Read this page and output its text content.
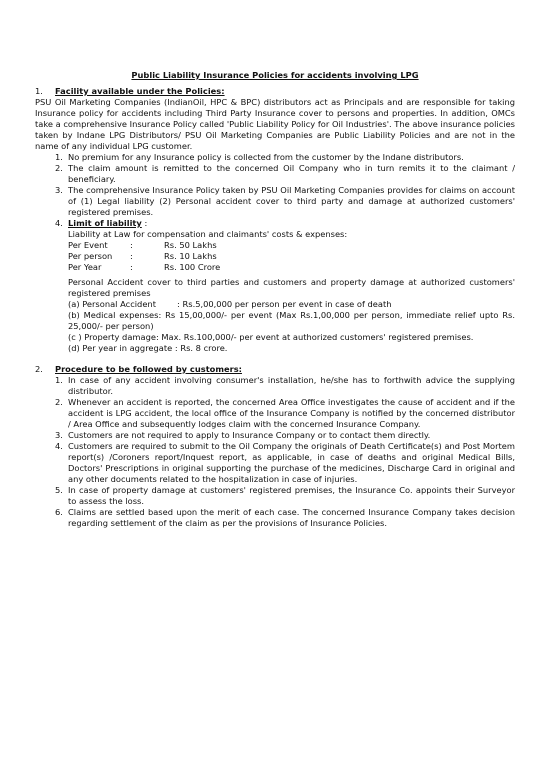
Public Liability Insurance Policies for accidents involving LPG
1. Facility available under the Policies:

PSU Oil Marketing Companies (IndianOil, HPC & BPC) distributors act as Principals and are responsible for taking Insurance policy for accidents including Third Party Insurance cover to persons and properties. In addition, OMCs take a comprehensive Insurance Policy called 'Public Liability Policy for Oil Industries'. The above insurance policies taken by Indane LPG Distributors/ PSU Oil Marketing Companies are Public Liability Policies and are not in the name of any individual LPG customer.

1. No premium for any Insurance policy is collected from the customer by the Indane distributors.
2. The claim amount is remitted to the concerned Oil Company who in turn remits it to the claimant / beneficiary.
3. The comprehensive Insurance Policy taken by PSU Oil Marketing Companies provides for claims on account of (1) Legal liability (2) Personal accident cover to third party and damage at authorized customers' registered premises.
4. Limit of liability :
Liability at Law for compensation and claimants' costs & expenses:
Per Event	:	Rs. 50 Lakhs
Per person	:	Rs. 10 Lakhs
Per Year	:	Rs. 100 Crore
Personal Accident cover to third parties and customers and property damage at authorized customers' registered premises
(a) Personal Accident        : Rs.5,00,000 per person per event in case of death
(b) Medical expenses: Rs 15,00,000/- per event (Max Rs.1,00,000 per person, immediate relief upto Rs. 25,000/- per person)
(c ) Property damage: Max. Rs.100,000/- per event at authorized customers' registered premises.
(d) Per year in aggregate : Rs. 8 crore.
2. Procedure to be followed by customers:
1. In case of any accident involving consumer's installation, he/she has to forthwith advice the supplying distributor.
2. Whenever an accident is reported, the concerned Area Office investigates the cause of accident and if the accident is LPG accident, the local office of the Insurance Company is notified by the concerned distributor / Area Office and subsequently lodges claim with the concerned Insurance Company.
3. Customers are not required to apply to Insurance Company or to contact them directly.
4. Customers are required to submit to the Oil Company the originals of Death Certificate(s) and Post Mortem report(s) /Coroners report/Inquest report, as applicable, in case of deaths and original Medical Bills, Doctors' Prescriptions in original supporting the purchase of the medicines, Discharge Card in original and any other documents related to the hospitalization in case of injuries.
5. In case of property damage at customers' registered premises, the Insurance Co. appoints their Surveyor to assess the loss.
6. Claims are settled based upon the merit of each case. The concerned Insurance Company takes decision regarding settlement of the claim as per the provisions of Insurance Policies.
